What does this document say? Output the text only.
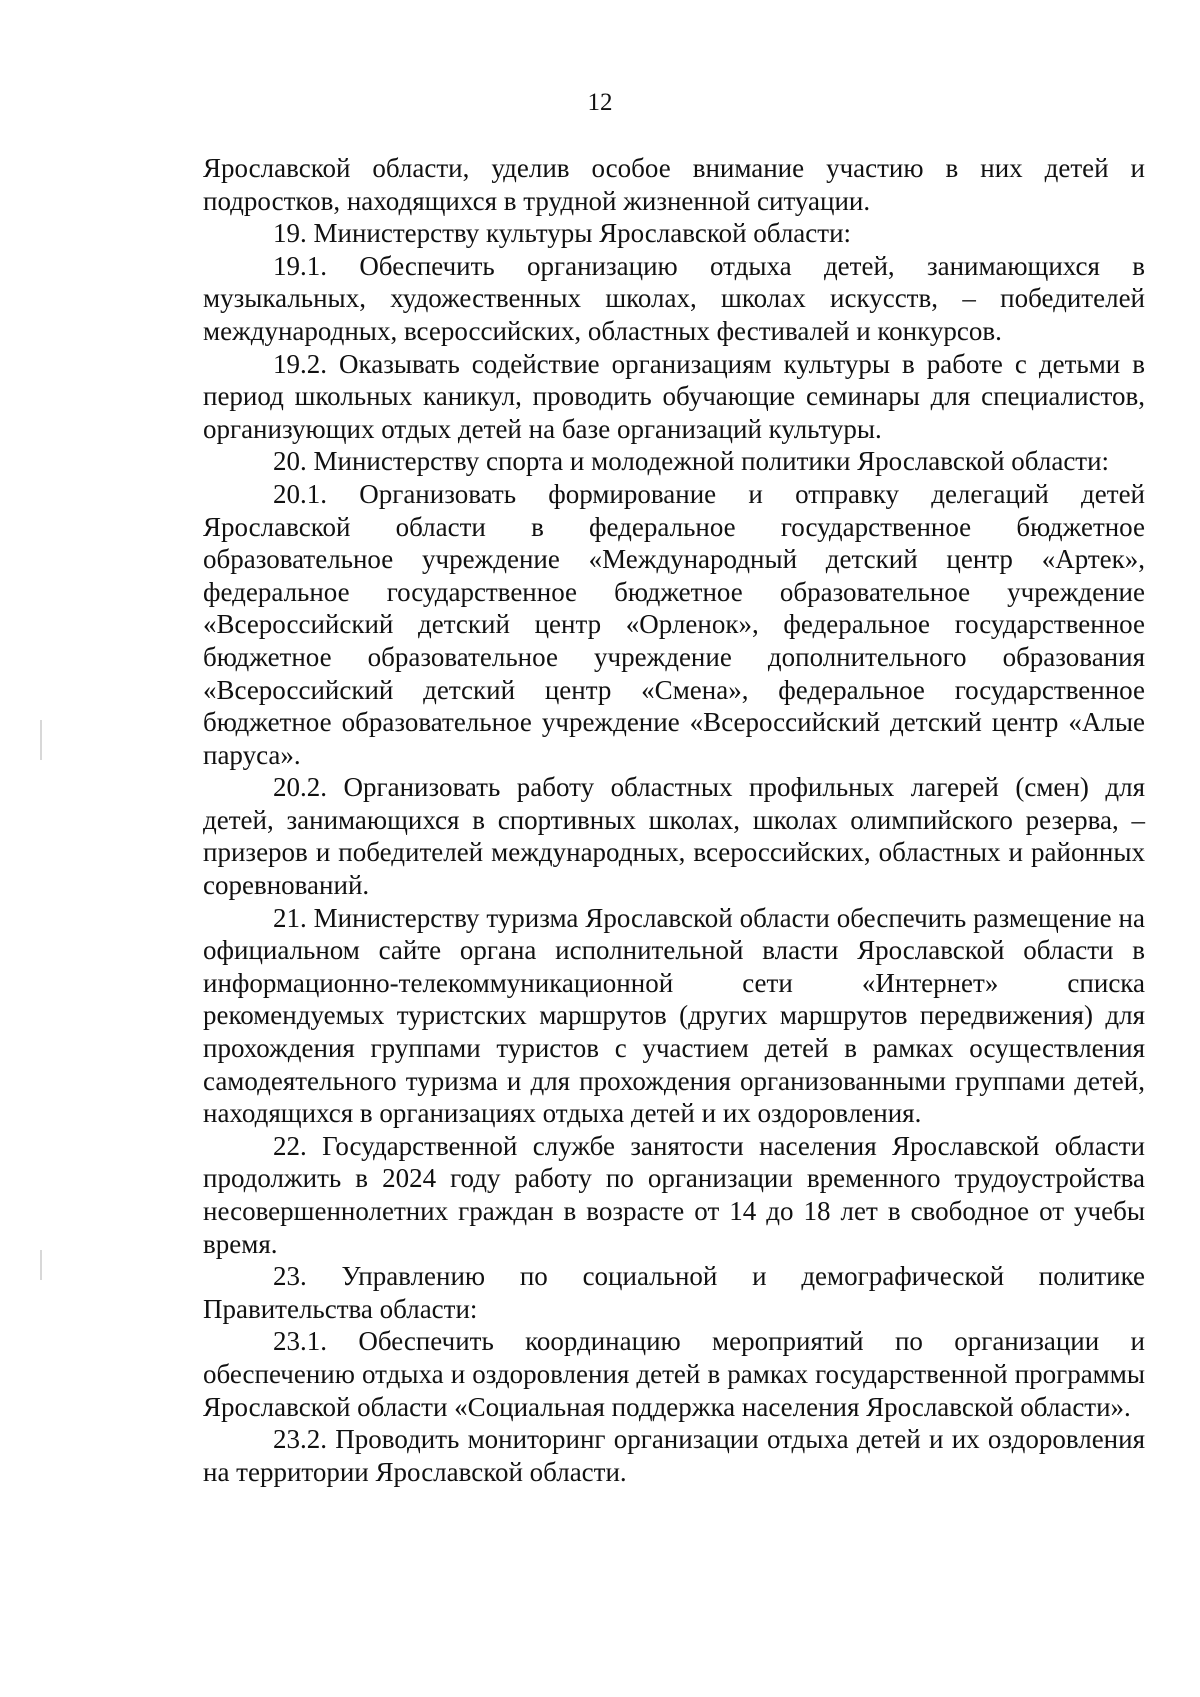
12

Ярославской области, уделив особое внимание участию в них детей и подростков, находящихся в трудной жизненной ситуации.

19. Министерству культуры Ярославской области:

19.1. Обеспечить организацию отдыха детей, занимающихся в музыкальных, художественных школах, школах искусств, – победителей международных, всероссийских, областных фестивалей и конкурсов.

19.2. Оказывать содействие организациям культуры в работе с детьми в период школьных каникул, проводить обучающие семинары для специалистов, организующих отдых детей на базе организаций культуры.

20. Министерству спорта и молодежной политики Ярославской области:

20.1. Организовать формирование и отправку делегаций детей Ярославской области в федеральное государственное бюджетное образовательное учреждение «Международный детский центр «Артек», федеральное государственное бюджетное образовательное учреждение «Всероссийский детский центр «Орленок», федеральное государственное бюджетное образовательное учреждение дополнительного образования «Всероссийский детский центр «Смена», федеральное государственное бюджетное образовательное учреждение «Всероссийский детский центр «Алые паруса».

20.2. Организовать работу областных профильных лагерей (смен) для детей, занимающихся в спортивных школах, школах олимпийского резерва, – призеров и победителей международных, всероссийских, областных и районных соревнований.

21. Министерству туризма Ярославской области обеспечить размещение на официальном сайте органа исполнительной власти Ярославской области в информационно-телекоммуникационной сети «Интернет» списка рекомендуемых туристских маршрутов (других маршрутов передвижения) для прохождения группами туристов с участием детей в рамках осуществления самодеятельного туризма и для прохождения организованными группами детей, находящихся в организациях отдыха детей и их оздоровления.

22. Государственной службе занятости населения Ярославской области продолжить в 2024 году работу по организации временного трудоустройства несовершеннолетних граждан в возрасте от 14 до 18 лет в свободное от учебы время.

23. Управлению по социальной и демографической политике Правительства области:

23.1. Обеспечить координацию мероприятий по организации и обеспечению отдыха и оздоровления детей в рамках государственной программы Ярославской области «Социальная поддержка населения Ярославской области».

23.2. Проводить мониторинг организации отдыха детей и их оздоровления на территории Ярославской области.
